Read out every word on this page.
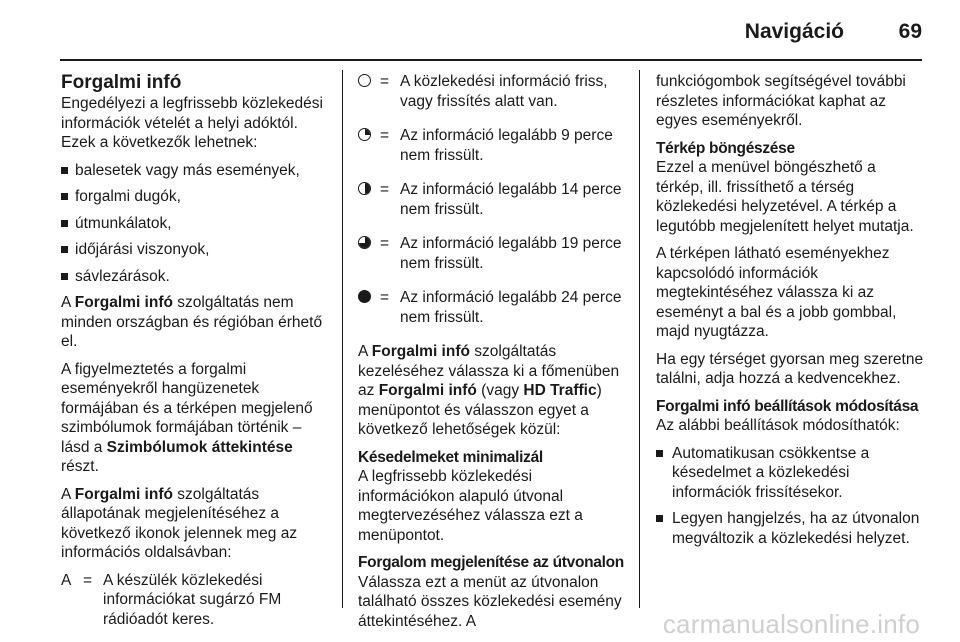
Navigáció	69
Forgalmi infó

Engedélyezi a legfrissebb közlekedési információk vételét a helyi adóktól. Ezek a következők lehetnek:

balesetek vagy más események,
forgalmi dugók,
útmunkálatok,
időjárási viszonyok,
sávlezárások.

A Forgalmi infó szolgáltatás nem minden országban és régióban érhető el.

A figyelmeztetés a forgalmi eseményekről hangüzenetek formájában és a térképen megjelenő szimbólumok formájában történik – lásd a Szimbólumok áttekintése részt.

A Forgalmi infó szolgáltatás állapotának megjelenítéséhez a következő ikonok jelennek meg az információs oldalsávban:

A = A készülék közlekedési információkat sugárzó FM rádióadót keres.
= A közlekedési információ friss, vagy frissítés alatt van.
= Az információ legalább 9 perce nem frissült.
= Az információ legalább 14 perce nem frissült.
= Az információ legalább 19 perce nem frissült.
= Az információ legalább 24 perce nem frissült.

A Forgalmi infó szolgáltatás kezeléséhez válassza ki a főmenüben az Forgalmi infó (vagy HD Traffic) menüpontot és válasszon egyet a következő lehetőségek közül:

Késedelmeket minimalizál

A legfrissebb közlekedési információkon alapuló útvonal megtervezéséhez válassza ezt a menüpontot.

Forgalom megjelenítése az útvonalon

Válassza ezt a menüt az útvonalon található összes közlekedési esemény áttekintéséhez. A

funkciógombok segítségével további részletes információkat kaphat az egyes eseményekről.

Térkép böngészése

Ezzel a menüvel böngészhető a térkép, ill. frissíthető a térség közlekedési helyzetével. A térkép a legutóbb megjelenített helyet mutatja.

A térképen látható eseményekhez kapcsolódó információk megtekintéséhez válassza ki az eseményt a bal és a jobb gombbal, majd nyugtázza.

Ha egy térséget gyorsan meg szeretne találni, adja hozzá a kedvencekhez.

Forgalmi infó beállítások módosítása

Az alábbi beállítások módosíthatók:

Automatikusan csökkentse a késedelmet a közlekedési információk frissítésekor.
Legyen hangjelzés, ha az útvonalon megváltozik a közlekedési helyzet.
carmanualsonline.info
